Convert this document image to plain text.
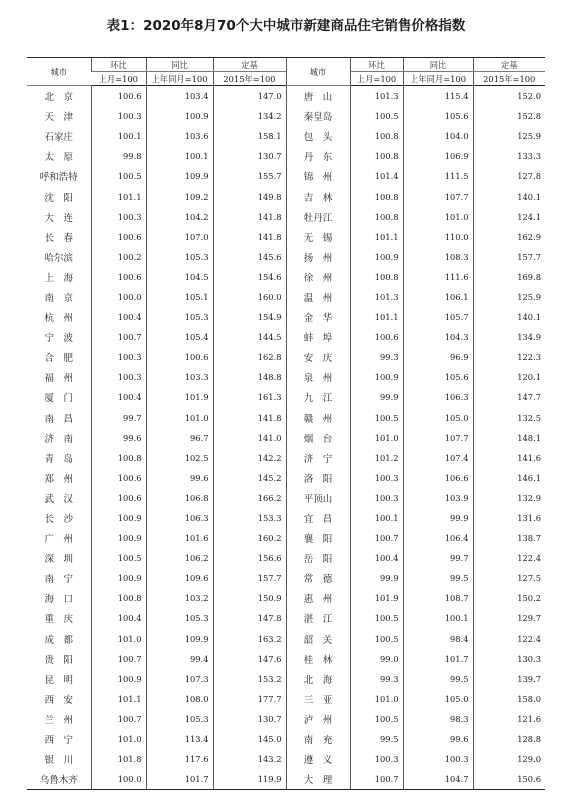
表1：2020年8月70个大中城市新建商品住宅销售价格指数
城市	环比	同比	定基	城市	环比	同比	定基
	上月=100	上年同月=100	2015年=100		上月=100	上年同月=100	2015年=100
北　京	100.6	103.4	147.0	唐　山	101.3	115.4	152.0
天　津	100.3	100.9	134.2	秦皇岛	100.5	105.6	152.8
石家庄	100.1	103.6	158.1	包　头	100.8	104.0	125.9
太　原	99.8	100.1	130.7	丹　东	100.8	106.9	133.3
呼和浩特	100.5	109.9	155.7	锦　州	101.4	111.5	127.8
沈　阳	101.1	109.2	149.8	吉　林	100.8	107.7	140.1
大　连	100.3	104.2	141.8	牡丹江	100.8	101.0	124.1
长　春	100.6	107.0	141.8	无　锡	101.1	110.0	162.9
哈尔滨	100.2	105.3	145.6	扬　州	100.9	108.3	157.7
上　海	100.6	104.5	154.6	徐　州	100.8	111.6	169.8
南　京	100.0	105.1	160.0	温　州	101.3	106.1	125.9
杭　州	100.4	105.3	154.9	金　华	101.1	105.7	140.1
宁　波	100.7	105.4	144.5	蚌　埠	100.6	104.3	134.9
合　肥	100.3	100.6	162.8	安　庆	99.3	96.9	122.3
福　州	100.3	103.3	148.8	泉　州	100.9	105.6	120.1
厦　门	100.4	101.9	161.3	九　江	99.9	106.3	147.7
南　昌	99.7	101.0	141.8	赣　州	100.5	105.0	132.5
济　南	99.6	96.7	141.0	烟　台	101.0	107.7	148.1
青　岛	100.8	102.5	142.2	济　宁	101.2	107.4	141.6
郑　州	100.6	99.6	145.2	洛　阳	100.3	106.6	146.1
武　汉	100.6	106.8	166.2	平顶山	100.3	103.9	132.9
长　沙	100.9	106.3	153.3	宜　昌	100.1	99.9	131.6
广　州	100.9	101.6	160.2	襄　阳	100.7	106.4	138.7
深　圳	100.5	106.2	156.6	岳　阳	100.4	99.7	122.4
南　宁	100.9	109.6	157.7	常　德	99.9	99.5	127.5
海　口	100.8	103.2	150.9	惠　州	101.9	108.7	150.2
重　庆	100.4	105.3	147.8	湛　江	100.5	100.1	129.7
成　都	101.0	109.9	163.2	韶　关	100.5	98.4	122.4
贵　阳	100.7	99.4	147.6	桂　林	99.0	101.7	130.3
昆　明	100.9	107.3	153.2	北　海	99.3	99.5	139.7
西　安	101.1	108.0	177.7	三　亚	101.0	105.0	158.0
兰　州	100.7	105.3	130.7	泸　州	100.5	98.3	121.6
西　宁	101.0	113.4	145.0	南　充	99.5	99.6	128.8
银　川	101.8	117.6	143.2	遵　义	100.3	100.3	129.0
乌鲁木齐	100.0	101.7	119.9	大　理	100.7	104.7	150.6
